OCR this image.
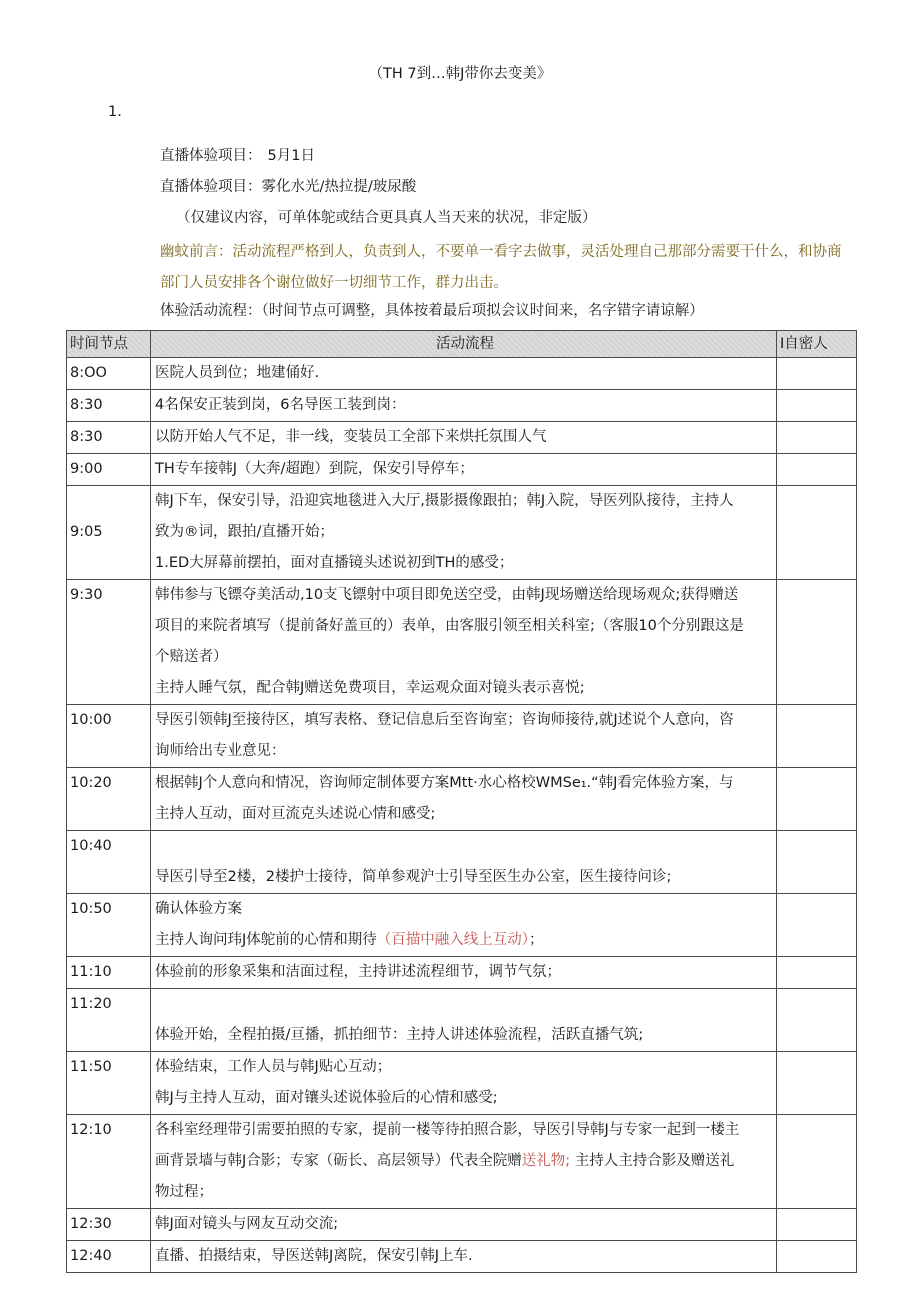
（TH 7到…韩J带你去变美》
1.
直播体验项目： 5月1日
直播体验项目：雾化水光/热拉提/玻尿酸
（仅建议内容，可单体鸵或结合更具真人当天来的状况，非定版）
幽蚊前言：活动流程严格到人，负责到人，不要单一看字去做事，灵活处理自己那部分需要干什么，和协商
部门人员安排各个谢位做好一切细节工作，群力出击。
体验活动流程：（时间节点可调整，具体按着最后项拟会议时间来，名字错字请谅解）
时间节点	活动流程	I自密人
8:OO	医院人员到位；地建俑好.	

8:30	4名保安正装到岗，6名导医工装到岗：	

8:30	以防开始人气不足，非一线，变装员工全部下来烘托氛围人气	

9:00	TH专车接韩J（大奔/超跑）到院，保安引导停车；	

9:05	韩J下车，保安引导，沿迎宾地毯进入大厅,摄影摄像跟拍；韩J入院，导医列队接待，主持人
致为®词，跟拍/直播开始；
1.ED大屏幕前摆拍，面对直播镜头述说初到TH的感受；	

9:30	韩伟参与飞镖夺美活动,10支飞镖射中项目即免送空受，由韩J现场赠送给现场观众;获得赠送
项目的来院者填写（提前备好盖亘的）表单，由客服引领至相关科室;（客服10个分别跟这是
个赔送者）
主持人睡气氛，配合韩J赠送免费项目，幸运观众面对镜头表示喜悦;	

10:00	导医引领韩J至接待区，填写表格、登记信息后至咨询室；咨询师接待,就J述说个人意向，咨
询师给出专业意见：	

10:20	根据韩J个人意向和情况，咨询师定制体要方案Mtt·水心格校WMSe₁.“韩J看完体验方案，与
主持人互动，面对亘流克头述说心情和感受;	

10:40	导医引导至2楼，2楼护士接待，简单参观沪士引导至医生办公室，医生接待问诊;	

10:50	确认体验方案
主持人询问玮J体鸵前的心情和期待（百描中融入线上互动）；	

11:10	体验前的形象采集和洁面过程，主持讲述流程细节，调节气氛；	

11:20	体验开始，全程拍摄/亘播，抓拍细节：主持人讲述体验流程，活跃直播气筑;	

11:50	体验结束，工作人员与韩J贴心互动；
韩J与主持人互动，面对镶头述说体验后的心情和感受;	

12:10	各科室经理带引需要拍照的专家，提前一楼等待拍照合影，导医引导韩J与专家一起到一楼主
画背景墙与韩J合影；专家（砺长、高层领导）代表全院赠送礼物; 主持人主持合影及赠送礼
物过程；	

12:30	韩J面对镜头与网友互动交流;	

12:40	直播、拍摄结束，导医送韩J离院，保安引韩J上车.	
